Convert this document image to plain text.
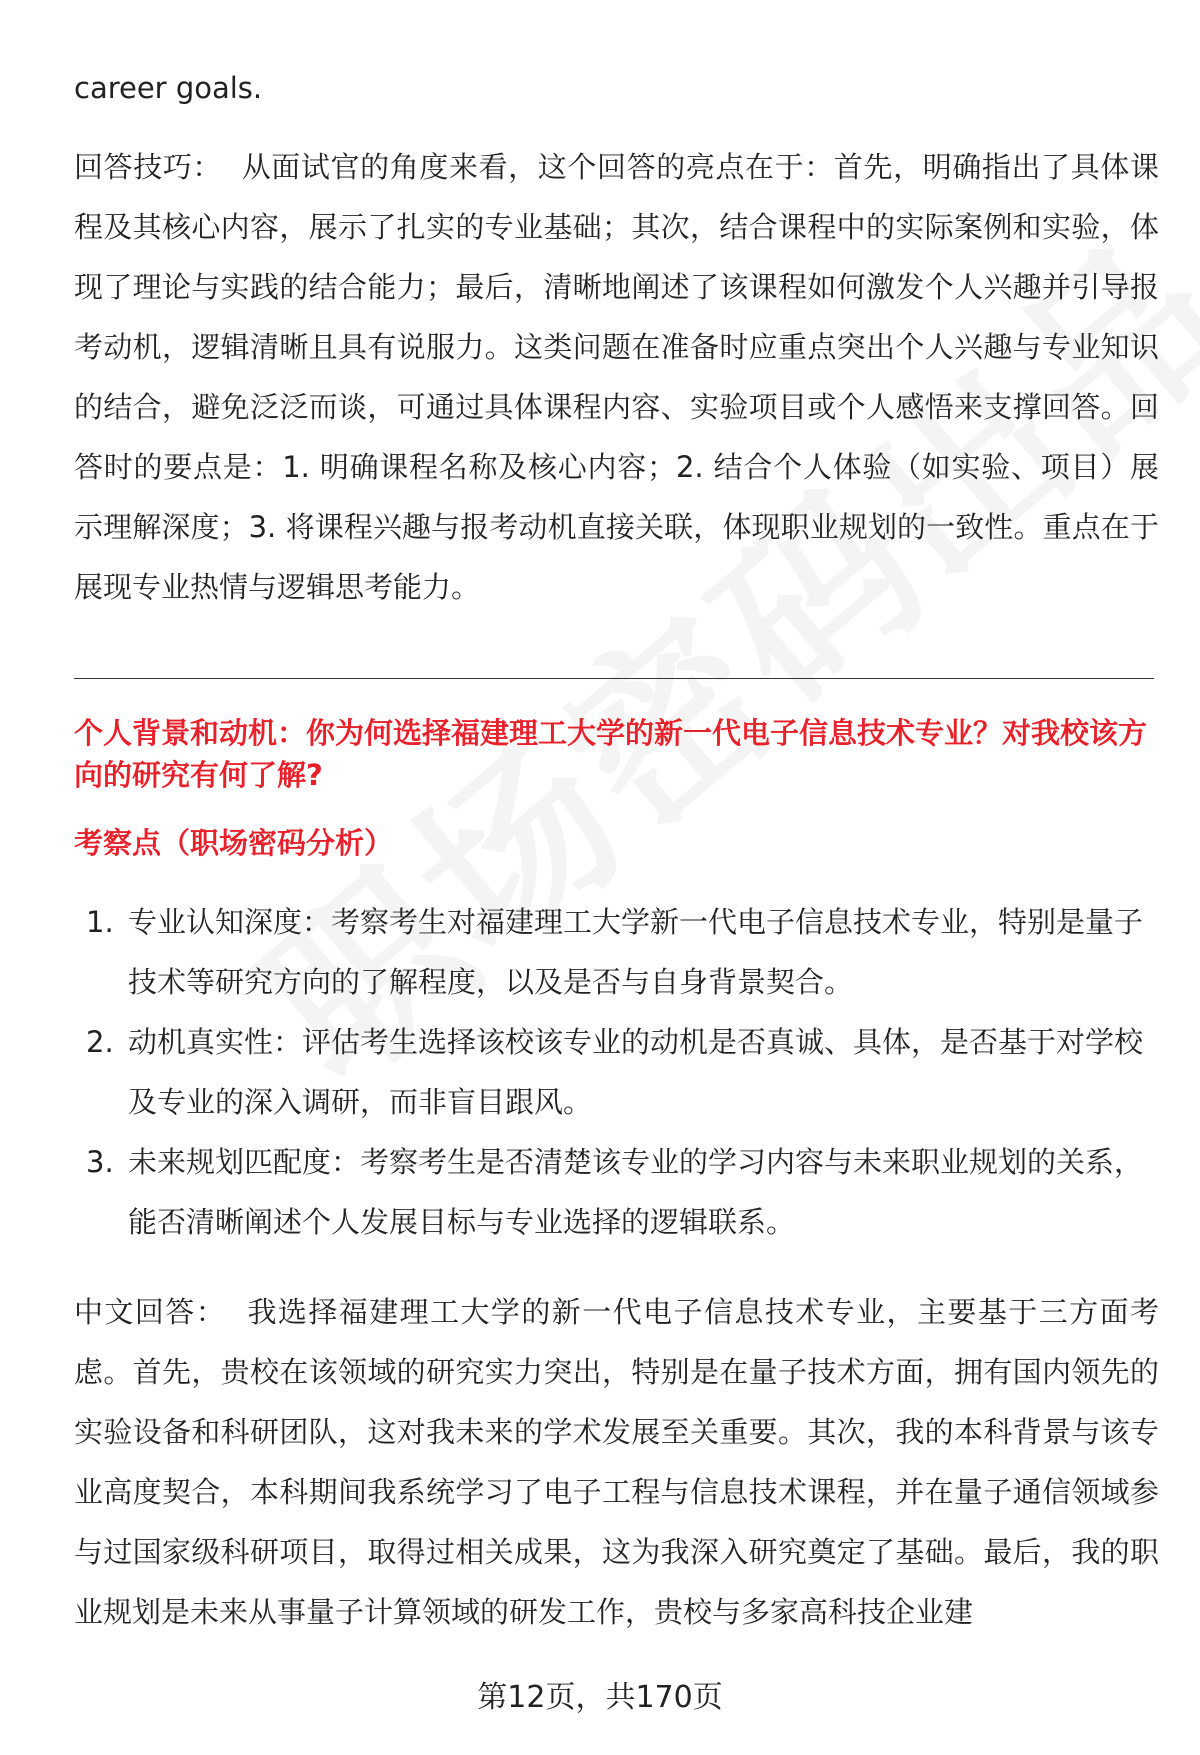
career goals.

回答技巧： 从面试官的角度来看，这个回答的亮点在于：首先，明确指出了具体课程及其核心内容，展示了扎实的专业基础；其次，结合课程中的实际案例和实验，体现了理论与实践的结合能力；最后，清晰地阐述了该课程如何激发个人兴趣并引导报考动机，逻辑清晰且具有说服力。这类问题在准备时应重点突出个人兴趣与专业知识的结合，避免泛泛而谈，可通过具体课程内容、实验项目或个人感悟来支撑回答。回答时的要点是：1. 明确课程名称及核心内容；2. 结合个人体验（如实验、项目）展示理解深度；3. 将课程兴趣与报考动机直接关联，体现职业规划的一致性。重点在于展现专业热情与逻辑思考能力。

个人背景和动机：你为何选择福建理工大学的新一代电子信息技术专业？对我校该方向的研究有何了解?

考察点（职场密码分析）

1. 专业认知深度：考察考生对福建理工大学新一代电子信息技术专业，特别是量子技术等研究方向的了解程度，以及是否与自身背景契合。
2. 动机真实性：评估考生选择该校该专业的动机是否真诚、具体，是否基于对学校及专业的深入调研，而非盲目跟风。
3. 未来规划匹配度：考察考生是否清楚该专业的学习内容与未来职业规划的关系，能否清晰阐述个人发展目标与专业选择的逻辑联系。

中文回答： 我选择福建理工大学的新一代电子信息技术专业，主要基于三方面考虑。首先，贵校在该领域的研究实力突出，特别是在量子技术方面，拥有国内领先的实验设备和科研团队，这对我未来的学术发展至关重要。其次，我的本科背景与该专业高度契合，本科期间我系统学习了电子工程与信息技术课程，并在量子通信领域参与过国家级科研项目，取得过相关成果，这为我深入研究奠定了基础。最后，我的职业规划是未来从事量子计算领域的研发工作，贵校与多家高科技企业建

第12页，共170页
